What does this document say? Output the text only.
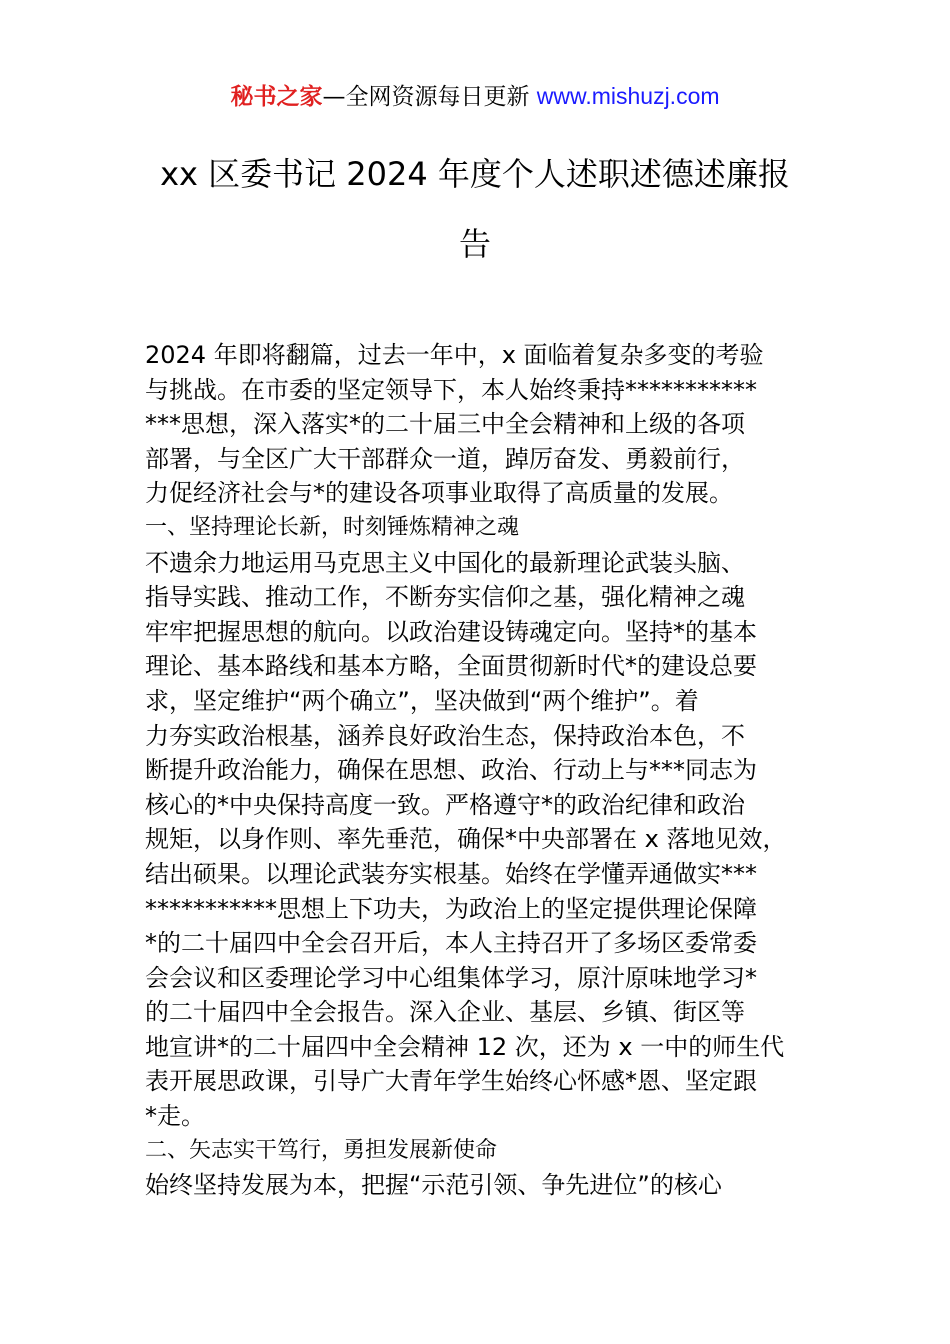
秘书之家—全网资源每日更新 www.mishuzj.com
xx 区委书记 2024 年度个人述职述德述廉报
告
2024 年即将翻篇，过去一年中，x 面临着复杂多变的考验
与挑战。在市委的坚定领导下，本人始终秉持***********
***思想，深入落实*的二十届三中全会精神和上级的各项
部署，与全区广大干部群众一道，踔厉奋发、勇毅前行，
力促经济社会与*的建设各项事业取得了高质量的发展。
一、坚持理论长新，时刻锤炼精神之魂
不遗余力地运用马克思主义中国化的最新理论武装头脑、
指导实践、推动工作，不断夯实信仰之基，强化精神之魂
牢牢把握思想的航向。以政治建设铸魂定向。坚持*的基本
理论、基本路线和基本方略，全面贯彻新时代*的建设总要
求，坚定维护“两个确立”，坚决做到“两个维护”。着
力夯实政治根基，涵养良好政治生态，保持政治本色，不
断提升政治能力，确保在思想、政治、行动上与***同志为
核心的*中央保持高度一致。严格遵守*的政治纪律和政治
规矩，以身作则、率先垂范，确保*中央部署在 x 落地见效，
结出硕果。以理论武装夯实根基。始终在学懂弄通做实***
***********思想上下功夫，为政治上的坚定提供理论保障
*的二十届四中全会召开后，本人主持召开了多场区委常委
会会议和区委理论学习中心组集体学习，原汁原味地学习*
的二十届四中全会报告。深入企业、基层、乡镇、街区等
地宣讲*的二十届四中全会精神 12 次，还为 x 一中的师生代
表开展思政课，引导广大青年学生始终心怀感*恩、坚定跟
*走。
二、矢志实干笃行，勇担发展新使命
始终坚持发展为本，把握“示范引领、争先进位”的核心
